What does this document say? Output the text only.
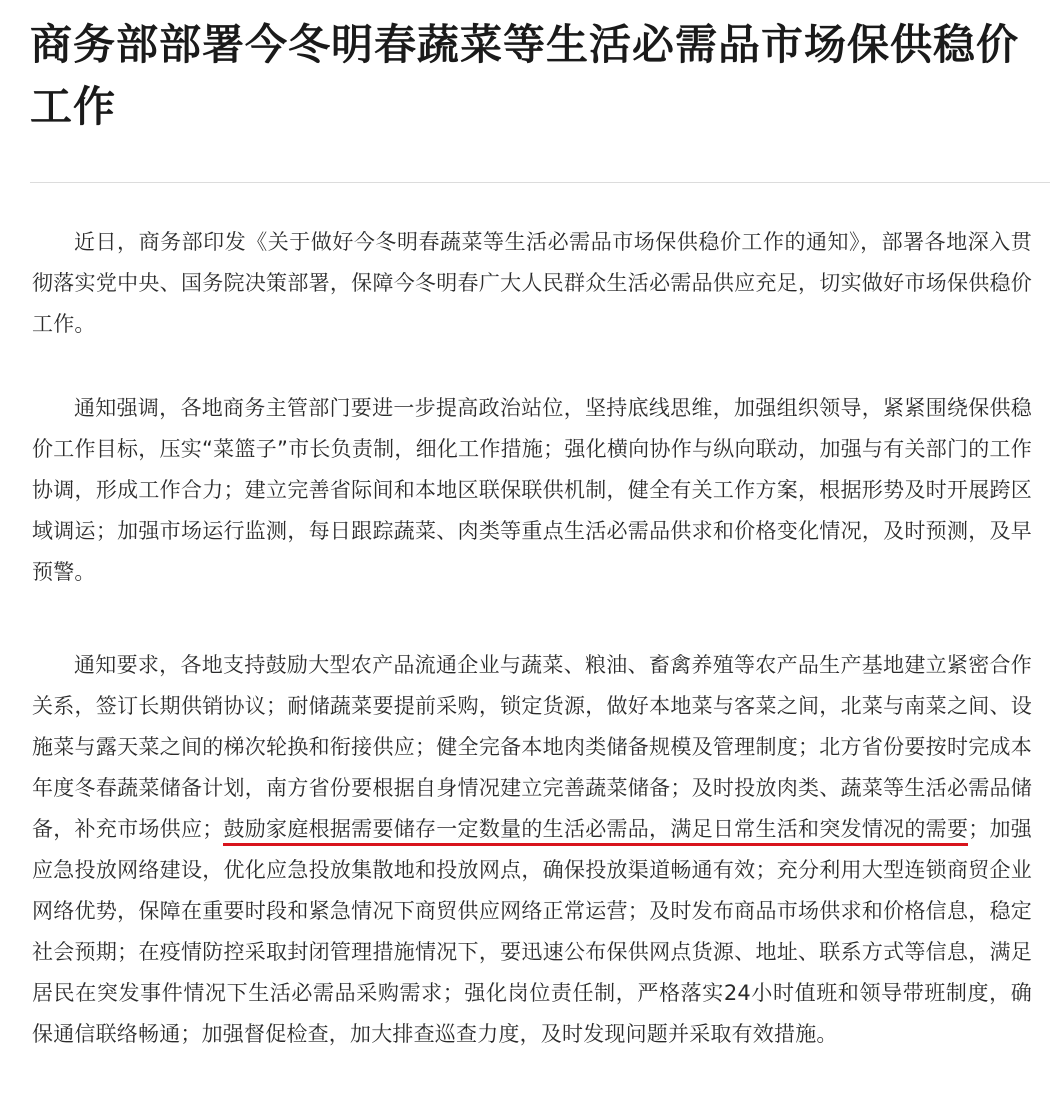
商务部部署今冬明春蔬菜等生活必需品市场保供稳价工作

近日，商务部印发《关于做好今冬明春蔬菜等生活必需品市场保供稳价工作的通知》，部署各地深入贯彻落实党中央、国务院决策部署，保障今冬明春广大人民群众生活必需品供应充足，切实做好市场保供稳价工作。

通知强调，各地商务主管部门要进一步提高政治站位，坚持底线思维，加强组织领导，紧紧围绕保供稳价工作目标，压实“菜篮子”市长负责制，细化工作措施；强化横向协作与纵向联动，加强与有关部门的工作协调，形成工作合力；建立完善省际间和本地区联保联供机制，健全有关工作方案，根据形势及时开展跨区域调运；加强市场运行监测，每日跟踪蔬菜、肉类等重点生活必需品供求和价格变化情况，及时预测，及早预警。

通知要求，各地支持鼓励大型农产品流通企业与蔬菜、粮油、畜禽养殖等农产品生产基地建立紧密合作关系，签订长期供销协议；耐储蔬菜要提前采购，锁定货源，做好本地菜与客菜之间，北菜与南菜之间、设施菜与露天菜之间的梯次轮换和衔接供应；健全完备本地肉类储备规模及管理制度；北方省份要按时完成本年度冬春蔬菜储备计划，南方省份要根据自身情况建立完善蔬菜储备；及时投放肉类、蔬菜等生活必需品储备，补充市场供应；鼓励家庭根据需要储存一定数量的生活必需品，满足日常生活和突发情况的需要；加强应急投放网络建设，优化应急投放集散地和投放网点，确保投放渠道畅通有效；充分利用大型连锁商贸企业网络优势，保障在重要时段和紧急情况下商贸供应网络正常运营；及时发布商品市场供求和价格信息，稳定社会预期；在疫情防控采取封闭管理措施情况下，要迅速公布保供网点货源、地址、联系方式等信息，满足居民在突发事件情况下生活必需品采购需求；强化岗位责任制，严格落实24小时值班和领导带班制度，确保通信联络畅通；加强督促检查，加大排查巡查力度，及时发现问题并采取有效措施。
